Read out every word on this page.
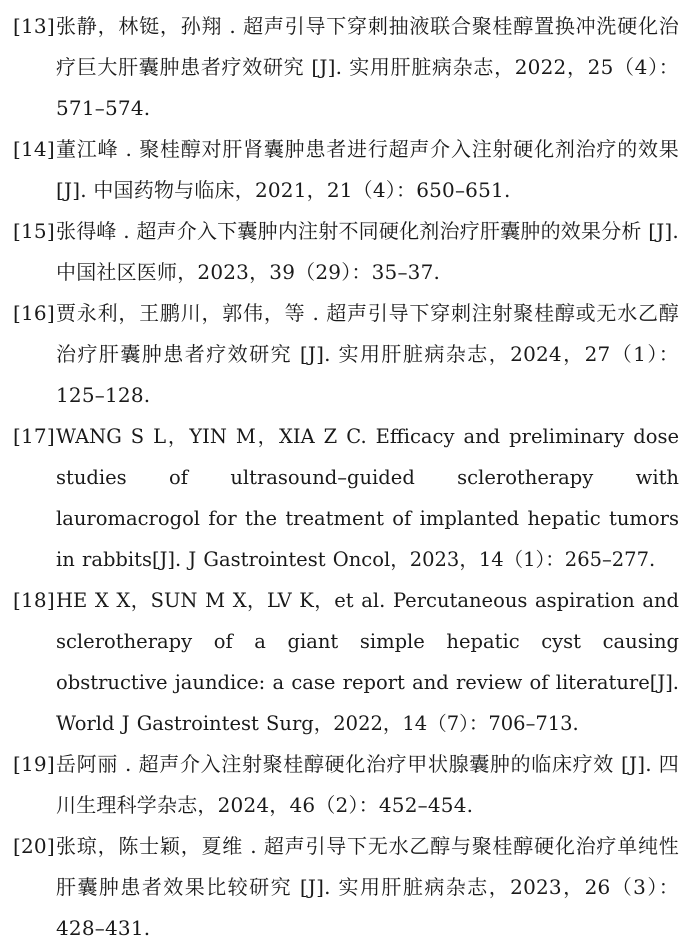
[13] 张静，林铤，孙翔 . 超声引导下穿刺抽液联合聚桂醇置换冲洗硬化治疗巨大肝囊肿患者疗效研究 [J]. 实用肝脏病杂志，2022，25（4）：571–574.
[14] 董江峰 . 聚桂醇对肝肾囊肿患者进行超声介入注射硬化剂治疗的效果 [J]. 中国药物与临床，2021，21（4）：650–651.
[15] 张得峰 . 超声介入下囊肿内注射不同硬化剂治疗肝囊肿的效果分析 [J]. 中国社区医师，2023，39（29）：35–37.
[16] 贾永利，王鹏川，郭伟，等 . 超声引导下穿刺注射聚桂醇或无水乙醇治疗肝囊肿患者疗效研究 [J]. 实用肝脏病杂志，2024，27（1）：125–128.
[17] WANG S L，YIN M，XIA Z C. Efficacy and preliminary dose studies of ultrasound–guided sclerotherapy with lauromacrogol for the treatment of implanted hepatic tumors in rabbits[J]. J Gastrointest Oncol，2023，14（1）：265–277.
[18] HE X X，SUN M X，LV K，et al. Percutaneous aspiration and sclerotherapy of a giant simple hepatic cyst causing obstructive jaundice: a case report and review of literature[J]. World J Gastrointest Surg，2022，14（7）：706–713.
[19] 岳阿丽 . 超声介入注射聚桂醇硬化治疗甲状腺囊肿的临床疗效 [J]. 四川生理科学杂志，2024，46（2）：452–454.
[20] 张琼，陈士颖，夏维 . 超声引导下无水乙醇与聚桂醇硬化治疗单纯性肝囊肿患者效果比较研究 [J]. 实用肝脏病杂志，2023，26（3）：428–431.
